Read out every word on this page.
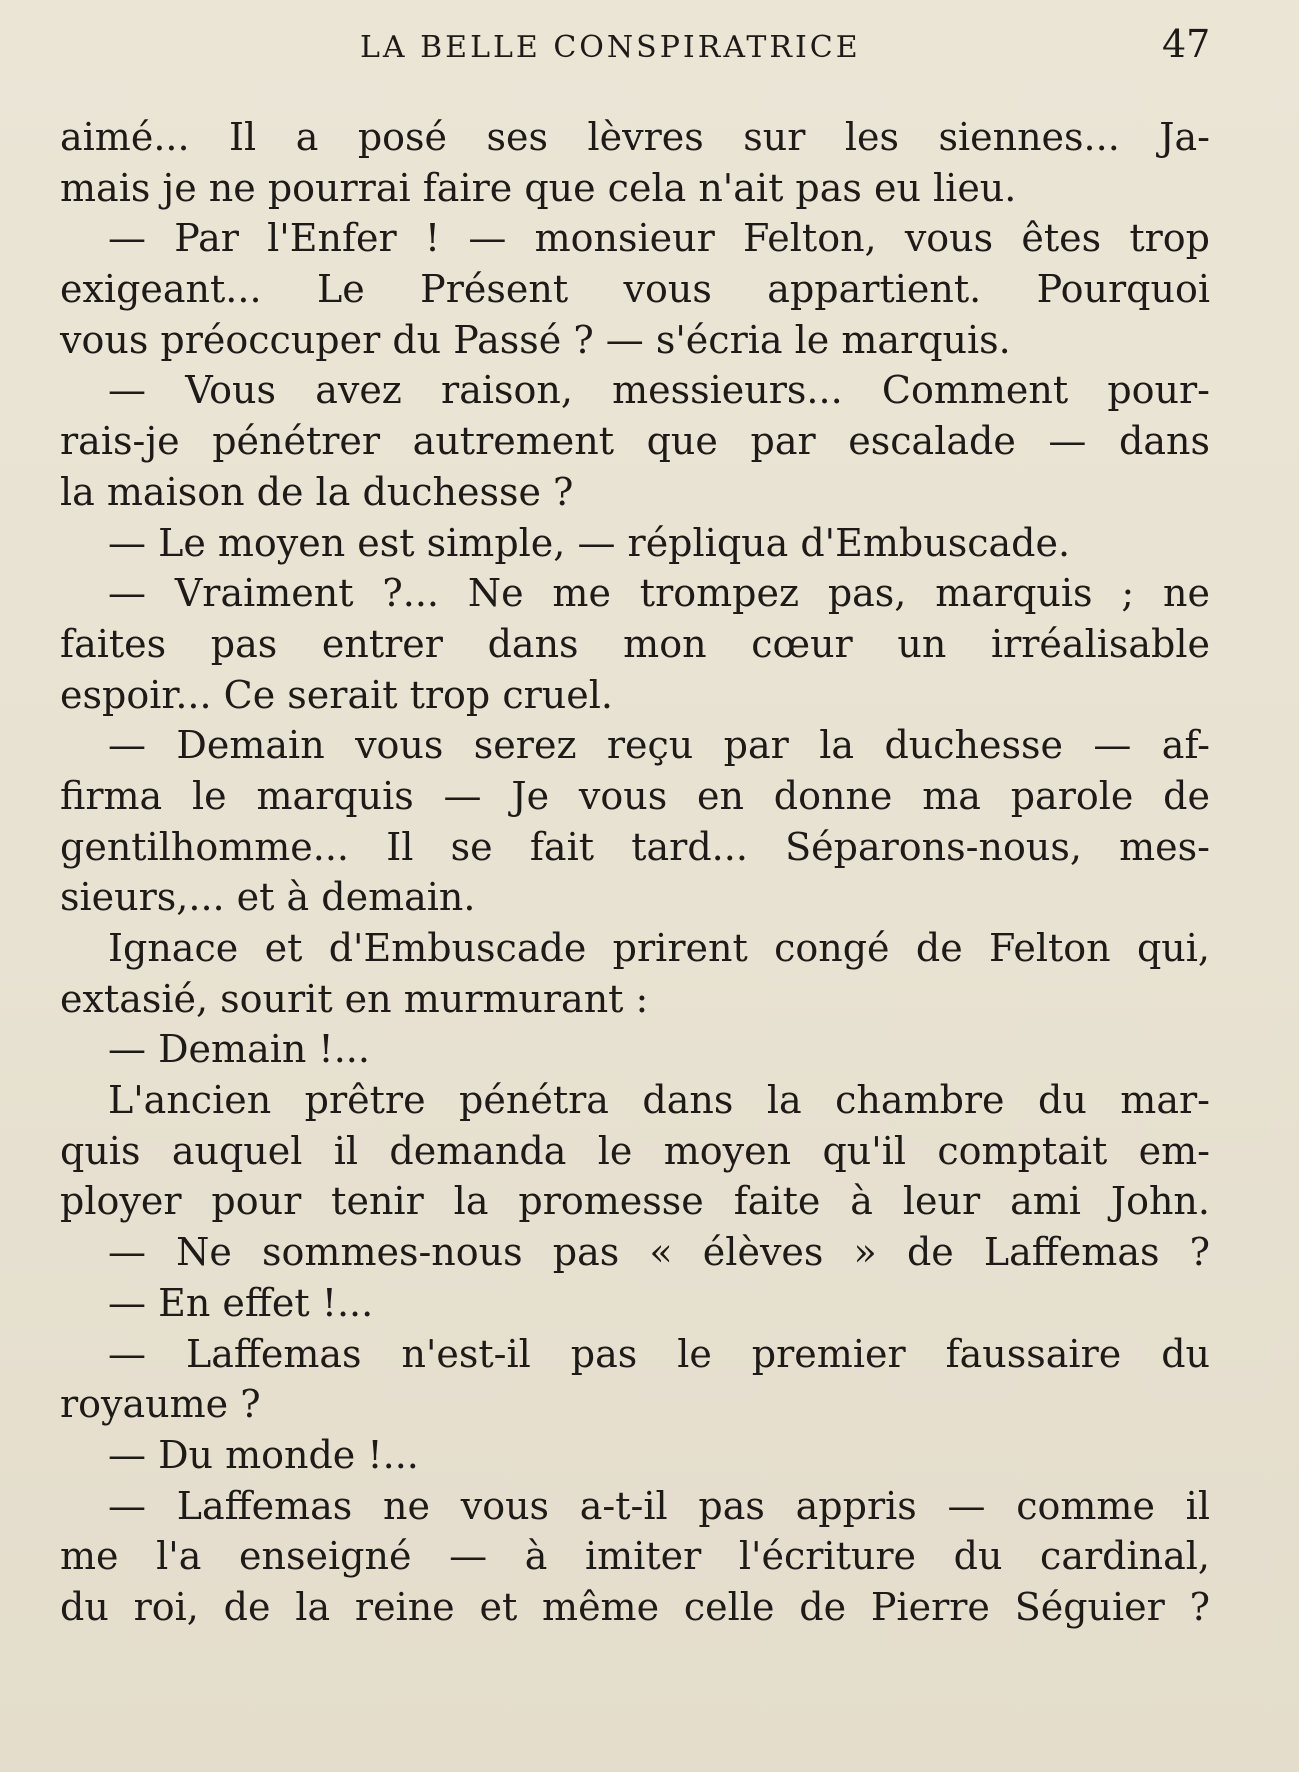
LA BELLE CONSPIRATRICE	47
aimé... Il a posé ses lèvres sur les siennes... Ja-
mais je ne pourrai faire que cela n'ait pas eu lieu.
— Par l'Enfer ! — monsieur Felton, vous êtes trop
exigeant... Le Présent vous appartient. Pourquoi
vous préoccuper du Passé ? — s'écria le marquis.
— Vous avez raison, messieurs... Comment pour-
rais-je pénétrer autrement que par escalade — dans
la maison de la duchesse ?
— Le moyen est simple, — répliqua d'Embuscade.
— Vraiment ?... Ne me trompez pas, marquis ; ne
faites pas entrer dans mon cœur un irréalisable
espoir... Ce serait trop cruel.
— Demain vous serez reçu par la duchesse — af-
firma le marquis — Je vous en donne ma parole de
gentilhomme... Il se fait tard... Séparons-nous, mes-
sieurs,... et à demain.
Ignace et d'Embuscade prirent congé de Felton qui,
extasié, sourit en murmurant :
— Demain !...
L'ancien prêtre pénétra dans la chambre du mar-
quis auquel il demanda le moyen qu'il comptait em-
ployer pour tenir la promesse faite à leur ami John.
— Ne sommes-nous pas « élèves » de Laffemas ?
— En effet !...
— Laffemas n'est-il pas le premier faussaire du
royaume ?
— Du monde !...
— Laffemas ne vous a-t-il pas appris — comme il
me l'a enseigné — à imiter l'écriture du cardinal,
du roi, de la reine et même celle de Pierre Séguier ?
